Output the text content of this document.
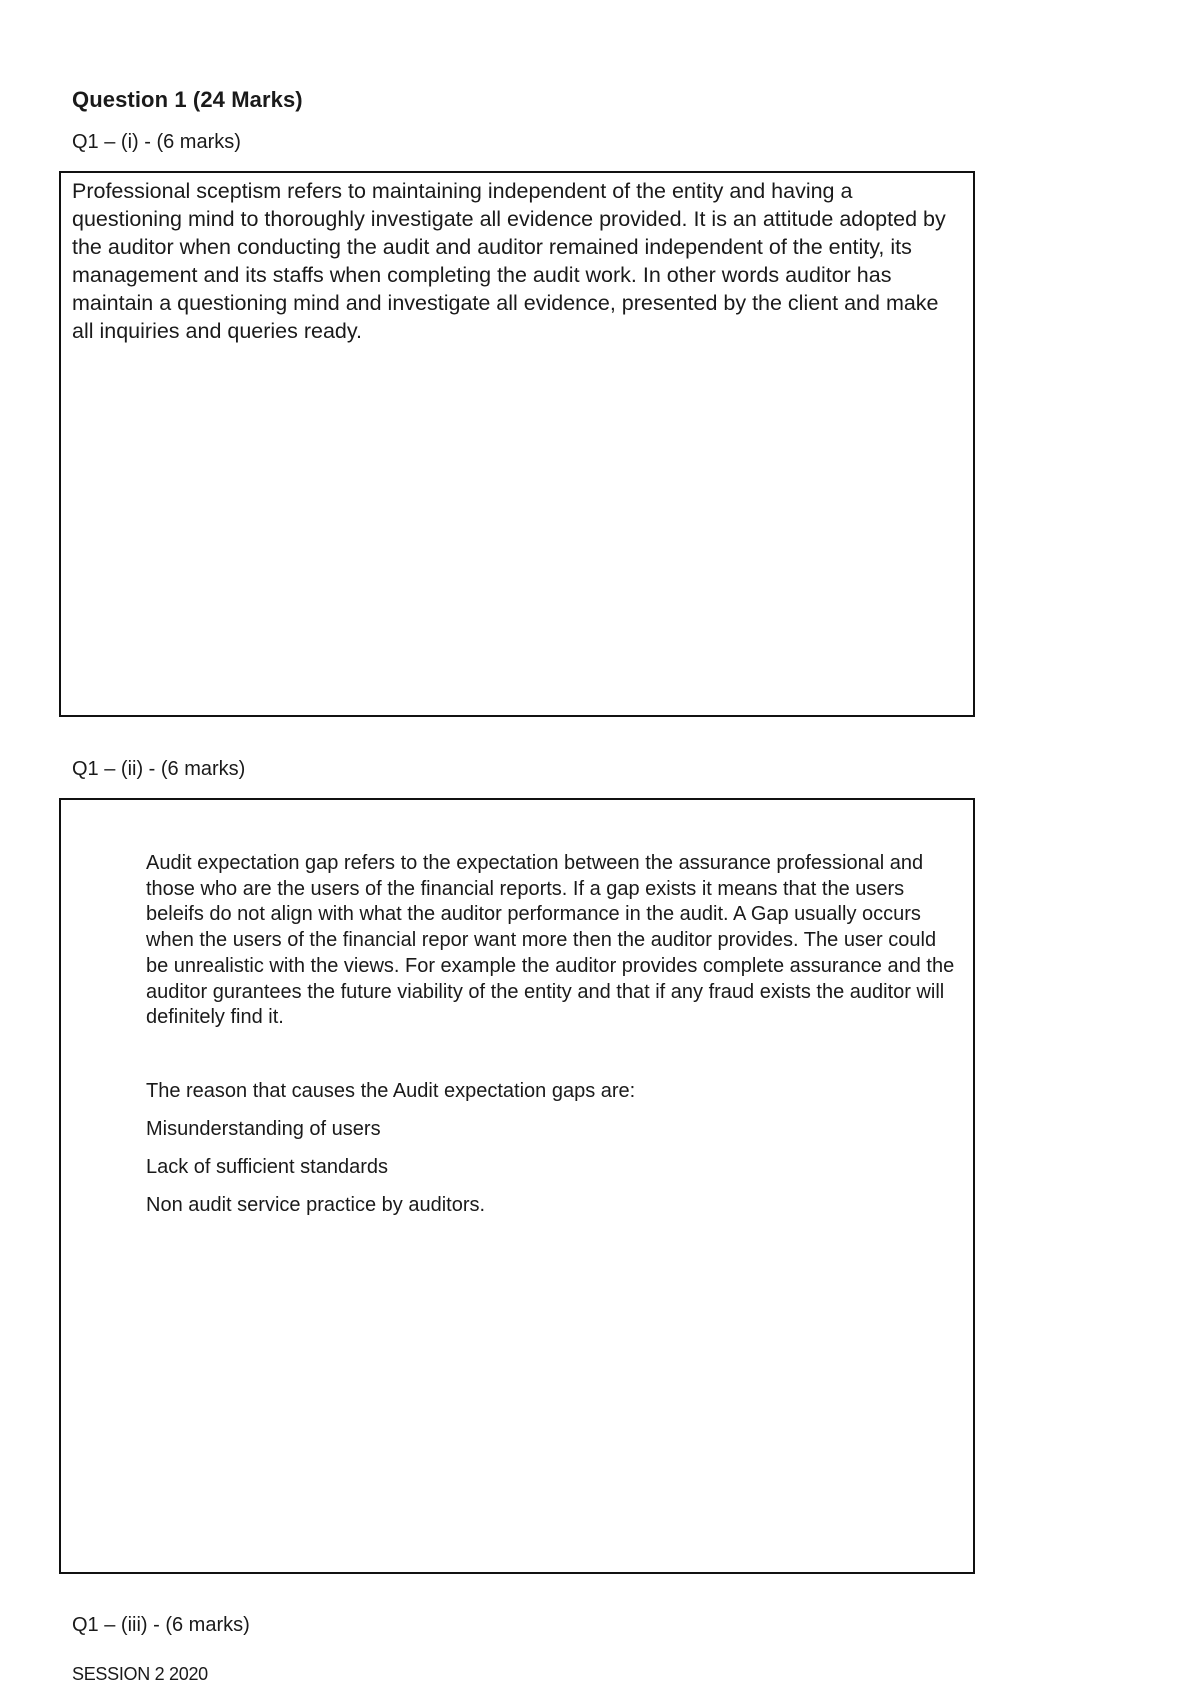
Question 1 (24 Marks)
Q1 – (i) - (6 marks)

Professional sceptism refers to maintaining independent of the entity and having a questioning mind to thoroughly investigate all evidence provided. It is an attitude adopted by the auditor when conducting the audit and auditor remained independent of the entity, its management and its staffs when completing the audit work. In other words auditor has maintain a questioning mind and investigate all evidence, presented by the client and make all inquiries and queries ready.

Q1 – (ii) - (6 marks)

Audit expectation gap refers to the expectation between the assurance professional and those who are the users of the financial reports. If a gap exists it means that the users beleifs do not align with what the auditor performance in the audit. A Gap usually occurs when the users of the financial repor want more then the auditor provides. The user could be unrealistic with the views. For example the auditor provides complete assurance and the auditor gurantees the future viability of the entity and that if any fraud exists the auditor will definitely find it.

The reason that causes the Audit expectation gaps are:

Misunderstanding of users

Lack of sufficient standards

Non audit service practice by auditors.

Q1 – (iii) - (6 marks)
SESSION 2 2020
